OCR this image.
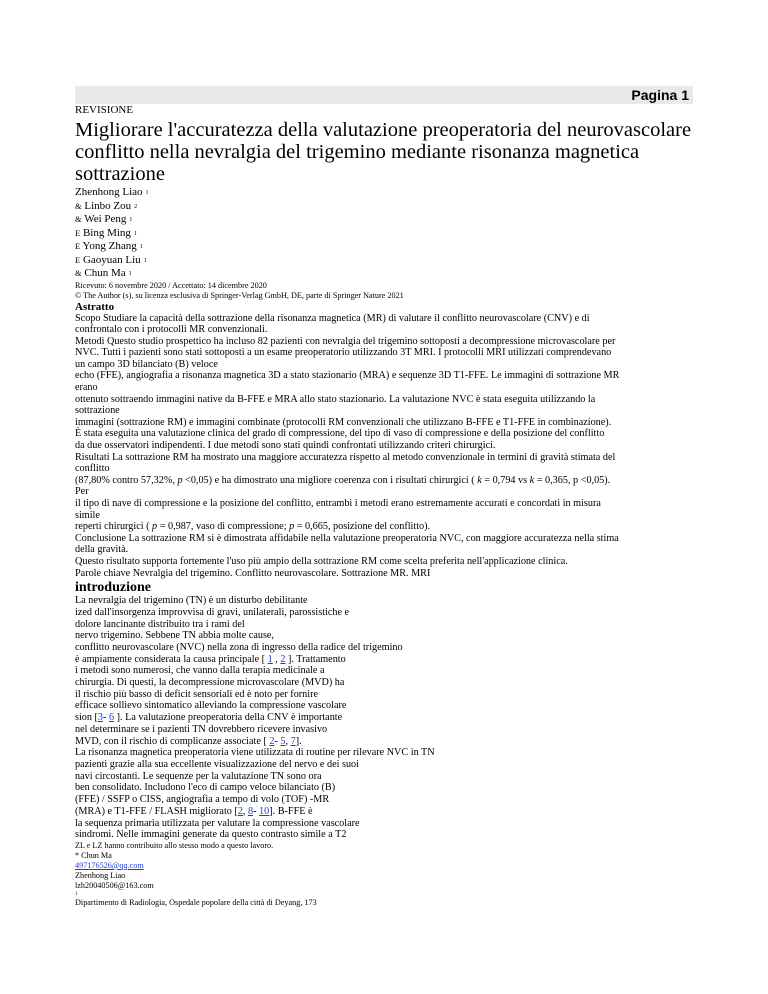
Pagina 1
REVISIONE
Migliorare l'accuratezza della valutazione preoperatoria del neurovascolare
conflitto nella nevralgia del trigemino mediante risonanza magnetica
sottrazione
Zhenhong Liao $^1$
& Linbo Zou $^2$
& Wei Peng $^1$
E Bing Ming $^1$
E Yong Zhang $^1$
E Gaoyuan Liu $^1$
& Chun Ma $^1$
Ricevuto: 6 novembre 2020 / Accettato: 14 dicembre 2020
© The Author (s), su licenza esclusiva di Springer-Verlag GmbH, DE, parte di Springer Nature 2021
Astratto
Scopo Studiare la capacità della sottrazione della risonanza magnetica (MR) di valutare il conflitto neurovascolare (CNV) e di
confrontalo con i protocolli MR convenzionali.
Metodi Questo studio prospettico ha incluso 82 pazienti con nevralgia del trigemino sottoposti a decompressione microvascolare per
NVC. Tutti i pazienti sono stati sottoposti a un esame preoperatorio utilizzando 3T MRI. I protocolli MRI utilizzati comprendevano
un campo 3D bilanciato (B) veloce
echo (FFE), angiografia a risonanza magnetica 3D a stato stazionario (MRA) e sequenze 3D T1-FFE. Le immagini di sottrazione MR
erano
ottenuto sottraendo immagini native da B-FFE e MRA allo stato stazionario. La valutazione NVC è stata eseguita utilizzando la
sottrazione
immagini (sottrazione RM) e immagini combinate (protocolli RM convenzionali che utilizzano B-FFE e T1-FFE in combinazione).
È stata eseguita una valutazione clinica del grado di compressione, del tipo di vaso di compressione e della posizione del conflitto
da due osservatori indipendenti. I due metodi sono stati quindi confrontati utilizzando criteri chirurgici.
Risultati La sottrazione RM ha mostrato una maggiore accuratezza rispetto al metodo convenzionale in termini di gravità stimata del
conflitto
(87,80% contro 57,32%, p <0,05) e ha dimostrato una migliore coerenza con i risultati chirurgici ( k = 0,794 vs k = 0,365, p <0,05).
Per
il tipo di nave di compressione e la posizione del conflitto, entrambi i metodi erano estremamente accurati e concordati in misura
simile
reperti chirurgici ( p = 0,987, vaso di compressione; p = 0,665, posizione del conflitto).
Conclusione La sottrazione RM si è dimostrata affidabile nella valutazione preoperatoria NVC, con maggiore accuratezza nella stima
della gravità.
Questo risultato supporta fortemente l'uso più ampio della sottrazione RM come scelta preferita nell'applicazione clinica.
Parole chiave Nevralgia del trigemino. Conflitto neurovascolare. Sottrazione MR. MRI
introduzione
La nevralgia del trigemino (TN) è un disturbo debilitante
ized dall'insorgenza improvvisa di gravi, unilaterali, parossistiche e
dolore lancinante distribuito tra i rami del
nervo trigemino. Sebbene TN abbia molte cause,
conflitto neurovascolare (NVC) nella zona di ingresso della radice del trigemino
è ampiamente considerata la causa principale [ 1 , 2 ]. Trattamento
i metodi sono numerosi, che vanno dalla terapia medicinale a
chirurgia. Di questi, la decompressione microvascolare (MVD) ha
il rischio più basso di deficit sensoriali ed è noto per fornire
efficace sollievo sintomatico alleviando la compressione vascolare
sion [3- 6 ]. La valutazione preoperatoria della CNV è importante
nel determinare se i pazienti TN dovrebbero ricevere invasivo
MVD, con il rischio di complicanze associate [ 2- 5, 7].
La risonanza magnetica preoperatoria viene utilizzata di routine per rilevare NVC in TN
pazienti grazie alla sua eccellente visualizzazione del nervo e dei suoi
navi circostanti. Le sequenze per la valutazione TN sono ora
ben consolidato. Includono l'eco di campo veloce bilanciato (B)
(FFE) / SSFP o CISS, angiografia a tempo di volo (TOF) -MR
(MRA) e T1-FFE / FLASH migliorato [2, 8- 10]. B-FFE è
la sequenza primaria utilizzata per valutare la compressione vascolare
sindromi. Nelle immagini generate da questo contrasto simile a T2
ZL e LZ hanno contribuito allo stesso modo a questo lavoro.
* Chun Ma
497176526@qq.com
Zhenhong Liao
lzh20040506@163.com
1
Dipartimento di Radiologia, Ospedale popolare della città di Deyang, 173
